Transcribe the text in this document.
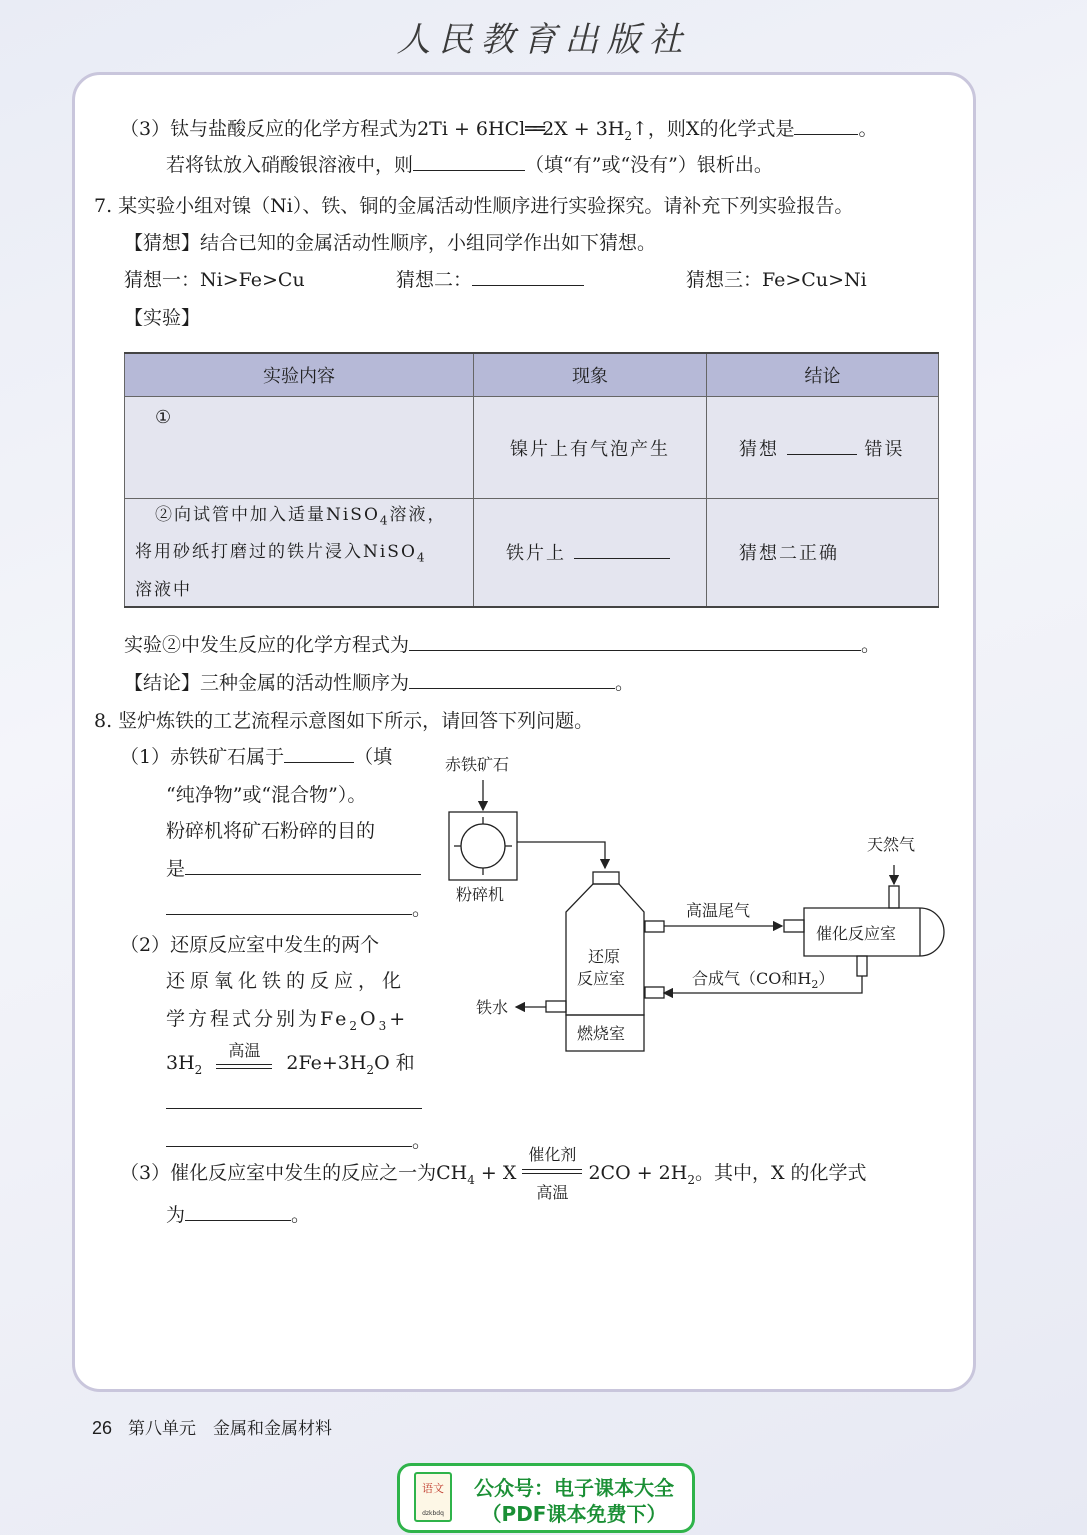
人民教育出版社
（3）钛与盐酸反应的化学方程式为2Ti + 6HCl══2X + $3H_2↑$，则X的化学式是	。
若将钛放入硝酸银溶液中，则	（填“有”或“没有”）银析出。
7. 某实验小组对镍（Ni）、铁、铜的金属活动性顺序进行实验探究。请补充下列实验报告。
【猜想】结合已知的金属活动性顺序，小组同学作出如下猜想。
猜想一：Ni>Fe>Cu	猜想二：	猜想三：Fe>Cu>Ni
【实验】
实验内容	现象	结论
①	镍片上有气泡产生	猜想 错误

②向试管中加入适量NiSO$_4$溶液，
将用砂纸打磨过的铁片浸入NiSO$_4$
溶液中	铁片上	猜想二正确
实验②中发生反应的化学方程式为	。
【结论】三种金属的活动性顺序为	。
8. 竖炉炼铁的工艺流程示意图如下所示，请回答下列问题。
（1）赤铁矿石属于	（填
“纯净物”或“混合物”）。
粉碎机将矿石粉碎的目的
是
。
（2）还原反应室中发生的两个
还原氧化铁的反应，化
学方程式分别为$Fe_2O_3+$
$3H_2$
高温
$2Fe+3H_2O$ 和
。
（3）催化反应室中发生的反应之一为$CH_4 + X$
催化剂
高温
$2CO + 2H_2$。其中，X 的化学式
为	。
赤铁矿石
粉碎机
天然气
高温尾气
催化反应室
还原
反应室	合成气（CO和$H_2$）
铁水
燃烧室
26 第八单元　金属和金属材料
语文
dzkbdq
公众号：电子课本大全
（PDF课本免费下）
